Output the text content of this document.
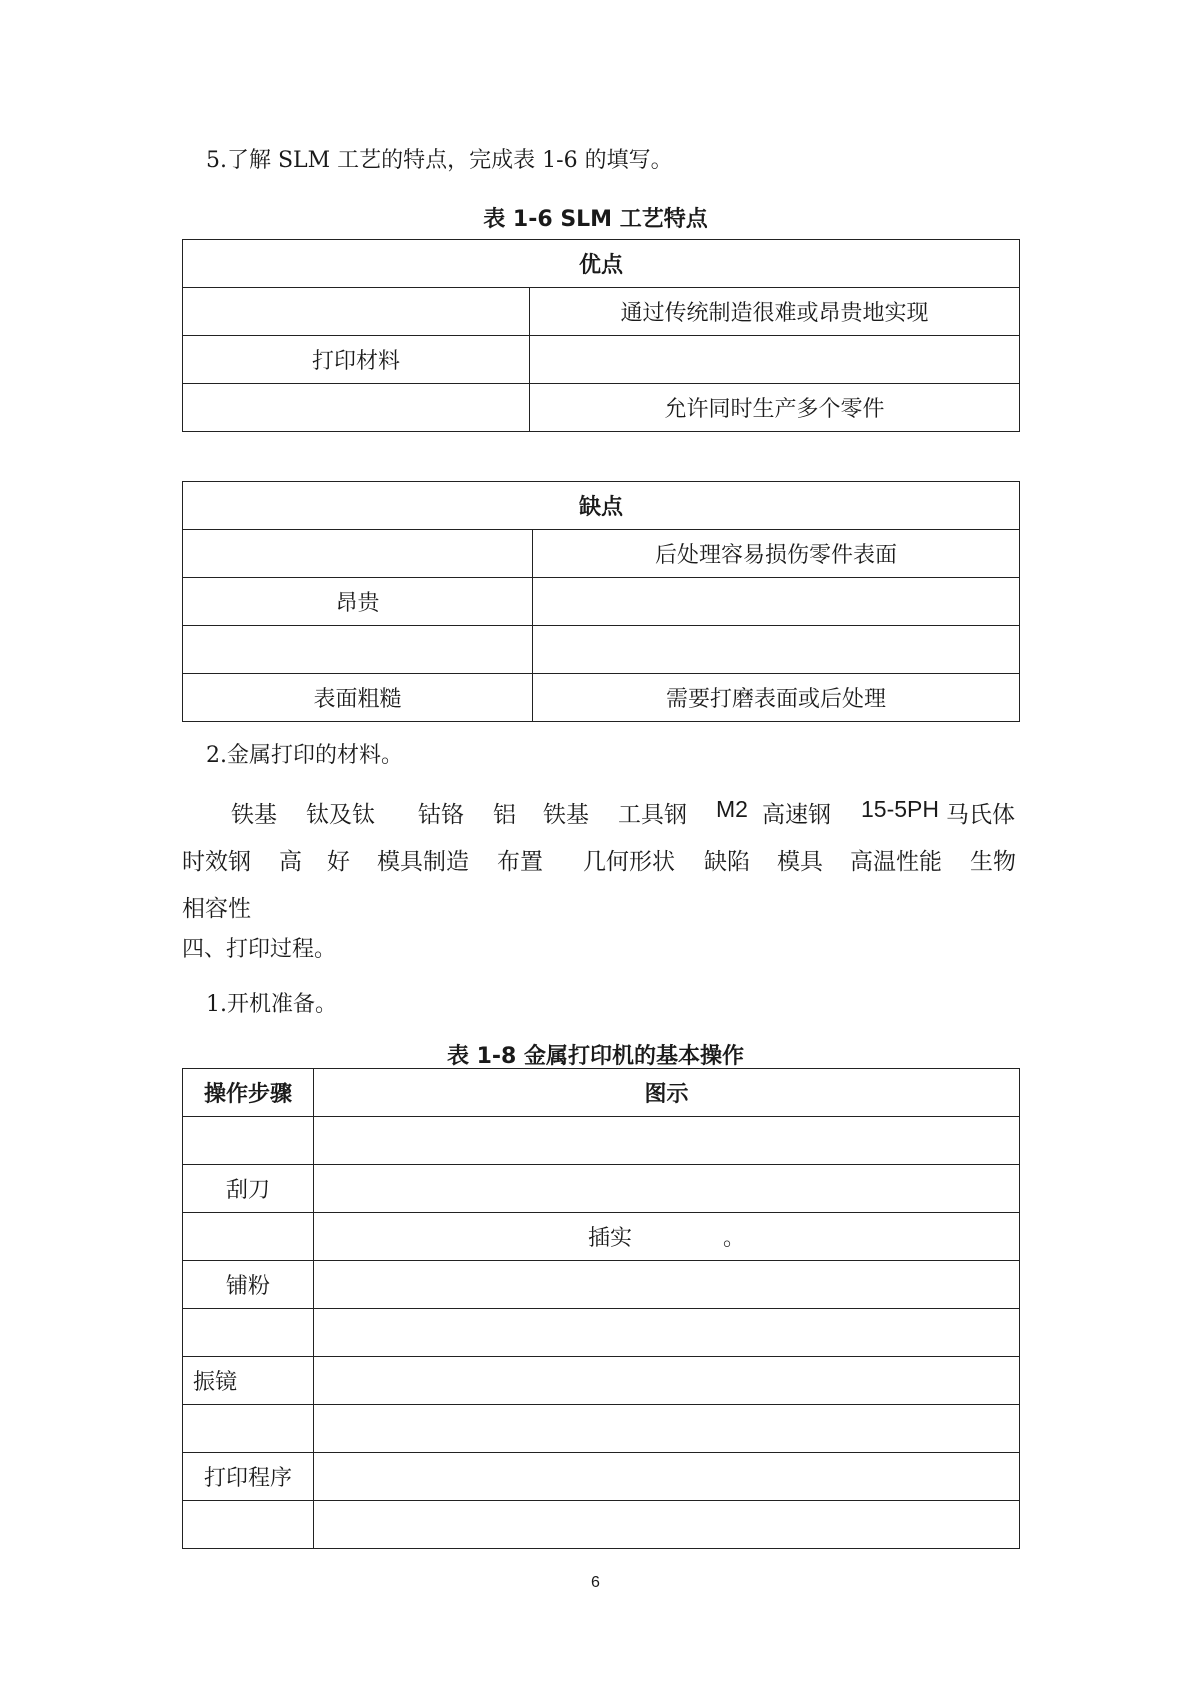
5.了解 SLM 工艺的特点，完成表 1-6 的填写。
表 1-6 SLM 工艺特点
优点	
	通过传统制造很难或昂贵地实现
打印材料	
	允许同时生产多个零件
缺点	
	后处理容易损伤零件表面
昂贵	

表面粗糙	需要打磨表面或后处理
2.金属打印的材料。
铁基 钛及钛 钴铬 铝 铁基 工具钢 M2 高速钢 15-5PH 马氏体
时效钢 高 好 模具制造 布置 几何形状 缺陷 模具 高温性能 生物
相容性
四、打印过程。
1.开机准备。
表 1-8 金属打印机的基本操作
操作步骤	图示

刮刀	
	插实             。
铺粉	

振镜	

打印程序	

6
